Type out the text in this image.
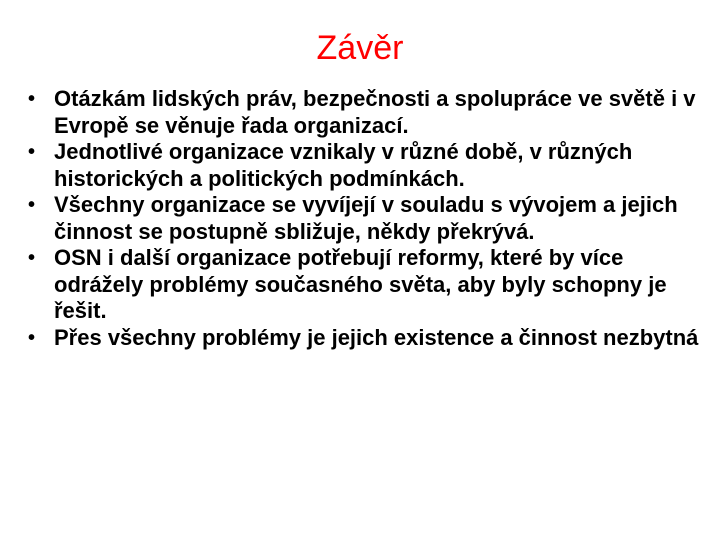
Závěr
• Otázkám lidských práv, bezpečnosti a spolupráce ve světě i v Evropě se věnuje řada organizací.
• Jednotlivé organizace vznikaly v různé době, v různých historických a politických podmínkách.
• Všechny organizace se vyvíjejí v souladu s vývojem a jejich činnost se postupně sbližuje, někdy překrývá.
• OSN i další organizace potřebují reformy, které by více odrážely problémy současného světa, aby byly schopny je řešit.
• Přes všechny problémy je jejich existence a činnost nezbytná
